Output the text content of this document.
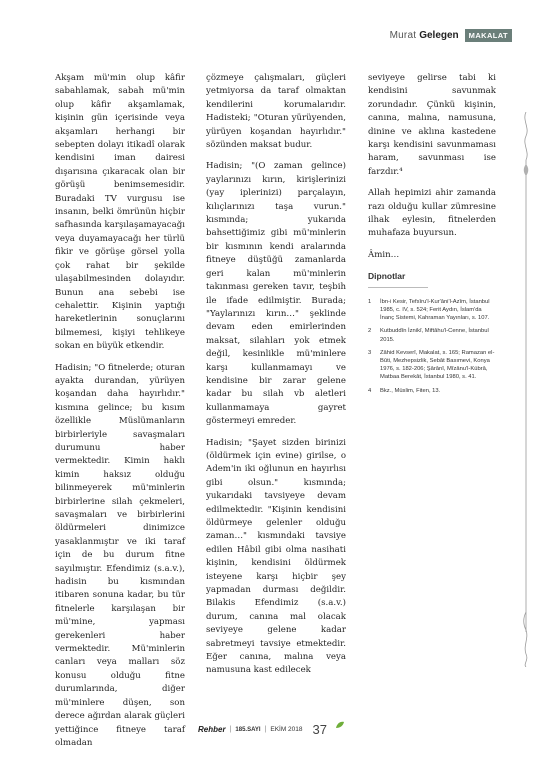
Murat Gelegen	MAKALAT

Akşam mü'min olup kâfir sabahlamak, sabah mü'min olup kâfir akşamlamak, kişinin gün içerisinde veya akşamları herhangi bir sebepten dolayı itikadî olarak kendisini iman dairesi dışarısına çıkaracak olan bir görüşü benimsemesidir. Buradaki TV vurgusu ise insanın, belki ömrünün hiçbir safhasında karşılaşamayacağı veya duyamayacağı her türlü fikir ve görüşe görsel yolla çok rahat bir şekilde ulaşabilmesinden dolayıdır. Bunun ana sebebi ise cehalettir. Kişinin yaptığı hareketlerinin sonuçlarını bilmemesi, kişiyi tehlikeye sokan en büyük etkendir.

Hadisin; "O fitnelerde; oturan ayakta durandan, yürüyen koşandan daha hayırlıdır." kısmına gelince; bu kısım özellikle Müslümanların birbirleriyle savaşmaları durumunu haber vermektedir. Kimin haklı kimin haksız olduğu bilinmeyerek mü'minlerin birbirlerine silah çekmeleri, savaşmaları ve birbirlerini öldürmeleri dinimizce yasaklanmıştır ve iki taraf için de bu durum fitne sayılmıştır. Efendimiz (s.a.v.), hadisin bu kısmından itibaren sonuna kadar, bu tür fitnelerle karşılaşan bir mü'mine, yapması gerekenleri haber vermektedir. Mü'minlerin canları veya malları söz konusu olduğu fitne durumlarında, diğer mü'minlere düşen, son derece ağırdan alarak güçleri yettiğince fitneye taraf olmadan

çözmeye çalışmaları, güçleri yetmiyorsa da taraf olmaktan kendilerini korumalarıdır. Hadisteki; "Oturan yürüyenden, yürüyen koşandan hayırlıdır." sözünden maksat budur.

Hadisin; "(O zaman gelince) yaylarınızı kırın, kirişlerinizi (yay iplerinizi) parçalayın, kılıçlarınızı taşa vurun." kısmında; yukarıda bahsettiğimiz gibi mü'minlerin bir kısmının kendi aralarında fitneye düştüğü zamanlarda geri kalan mü'minlerin takınması gereken tavır, teşbih ile ifade edilmiştir. Burada; "Yaylarınızı kırın…" şeklinde devam eden emirlerinden maksat, silahları yok etmek değil, kesinlikle mü'minlere karşı kullanmamayı ve kendisine bir zarar gelene kadar bu silah vb aletleri kullanmamaya gayret göstermeyi emreder.

Hadisin; "Şayet sizden birinizi (öldürmek için evine) girilse, o Adem'in iki oğlunun en hayırlısı gibi olsun." kısmında; yukarıdaki tavsiyeye devam edilmektedir. "Kişinin kendisini öldürmeye gelenler olduğu zaman…" kısmındaki tavsiye edilen Hâbil gibi olma nasihati kişinin, kendisini öldürmek isteyene karşı hiçbir şey yapmadan durması değildir. Bilakis Efendimiz (s.a.v.) durum, canına mal olacak seviyeye gelene kadar sabretmeyi tavsiye etmektedir. Eğer canına, malına veya namusuna kast edilecek

seviyeye gelirse tabi ki kendisini savunmak zorundadır. Çünkü kişinin, canına, malına, namusuna, dinine ve aklına kastedene karşı kendisini savunmaması haram, savunması ise farzdır.⁴

Allah hepimizi ahir zamanda razı olduğu kullar zümresine ilhak eylesin, fitnelerden muhafaza buyursun.

Âmin…

Dipnotlar
1	İbn-i Kesir, Tefsîru'l-Kur'âni'l-Azîm, İstanbul 1985, c. IV, s. 524; Ferit Aydın, İslam'da İnanç Sistemi, Kahraman Yayınları, s. 107.
2	Kutbuddîn İznikî, Miftâhu'l-Cenne, İstanbul 2015.
3	Zâhid Kevserî, Makalat, s. 165; Ramazan el-Bûti, Mezhepsizlik, Sebât Basımevi, Konya 1976, s. 182-206; Şârânî, Mîzânu'l-Kübrâ, Matbaa Berekât, İstanbul 1980, s. 41.
4	Bkz., Müslim, Fiten, 13.
Rehber | 185.SAYI | EKİM 2018 37
